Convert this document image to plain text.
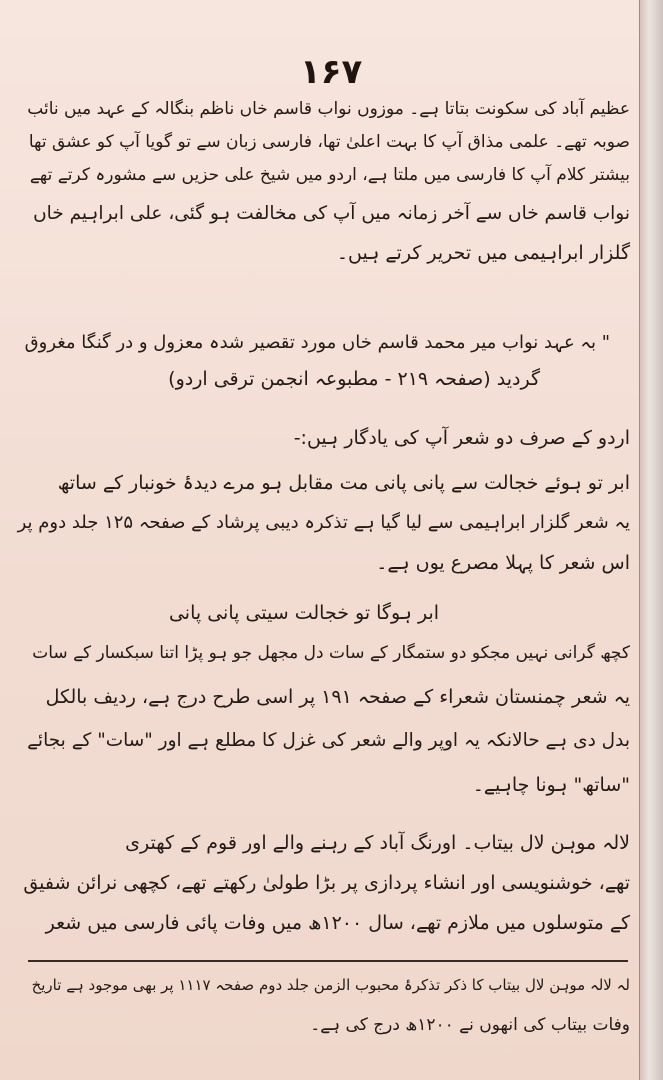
۱۶۷
عظیم آباد کی سکونت بتاتا ہے۔ موزوں نواب قاسم خاں ناظم بنگالہ کے عہد میں نائب
صوبہ تھے۔ علمی مذاق آپ کا بہت اعلیٰ تھا، فارسی زبان سے تو گویا آپ کو عشق تھا
بیشتر کلام آپ کا فارسی میں ملتا ہے، اردو میں شیخ علی حزیں سے مشورہ کرتے تھے
نواب قاسم خاں سے آخر زمانہ میں آپ کی مخالفت ہو گئی، علی ابراہیم خاں
گلزار ابراہیمی میں تحریر کرتے ہیں۔
" بہ عہد نواب میر محمد قاسم خاں مورد تقصیر شدہ معزول و در گنگا مغروق
گردید (صفحہ ۲۱۹ - مطبوعہ انجمن ترقی اردو)
اردو کے صرف دو شعر آپ کی یادگار ہیں:-
ابر تو ہوئے خجالت سے پانی پانی مت مقابل ہو مرے دیدۂ خونبار کے ساتھ
یہ شعر گلزار ابراہیمی سے لیا گیا ہے تذکرہ دیبی پرشاد کے صفحہ ۱۲۵ جلد دوم پر
اس شعر کا پہلا مصرع یوں ہے۔
ابر ہوگا تو خجالت سیتی پانی پانی
کچھ گرانی نہیں مجکو دو ستمگار کے سات دل مجھل جو ہو پڑا اتنا سبکسار کے سات
یہ شعر چمنستان شعراء کے صفحہ ۱۹۱ پر اسی طرح درج ہے، ردیف بالکل
بدل دی ہے حالانکہ یہ اوپر والے شعر کی غزل کا مطلع ہے اور "سات" کے بجائے
"ساتھ" ہونا چاہیے۔
لالہ موہن لال بیتاب۔ اورنگ آباد کے رہنے والے اور قوم کے کھتری
تھے، خوشنویسی اور انشاء پردازی پر بڑا طولیٰ رکھتے تھے، کچھی نرائن شفیق
کے متوسلوں میں ملازم تھے، سال ۱۲۰۰ھ میں وفات پائی فارسی میں شعر
لہ لالہ موہن لال بیتاب کا ذکر تذکرۂ محبوب الزمن جلد دوم صفحہ ۱۱۱۷ پر بھی موجود ہے تاریخ
وفات بیتاب کی انھوں نے ۱۲۰۰ھ درج کی ہے۔
